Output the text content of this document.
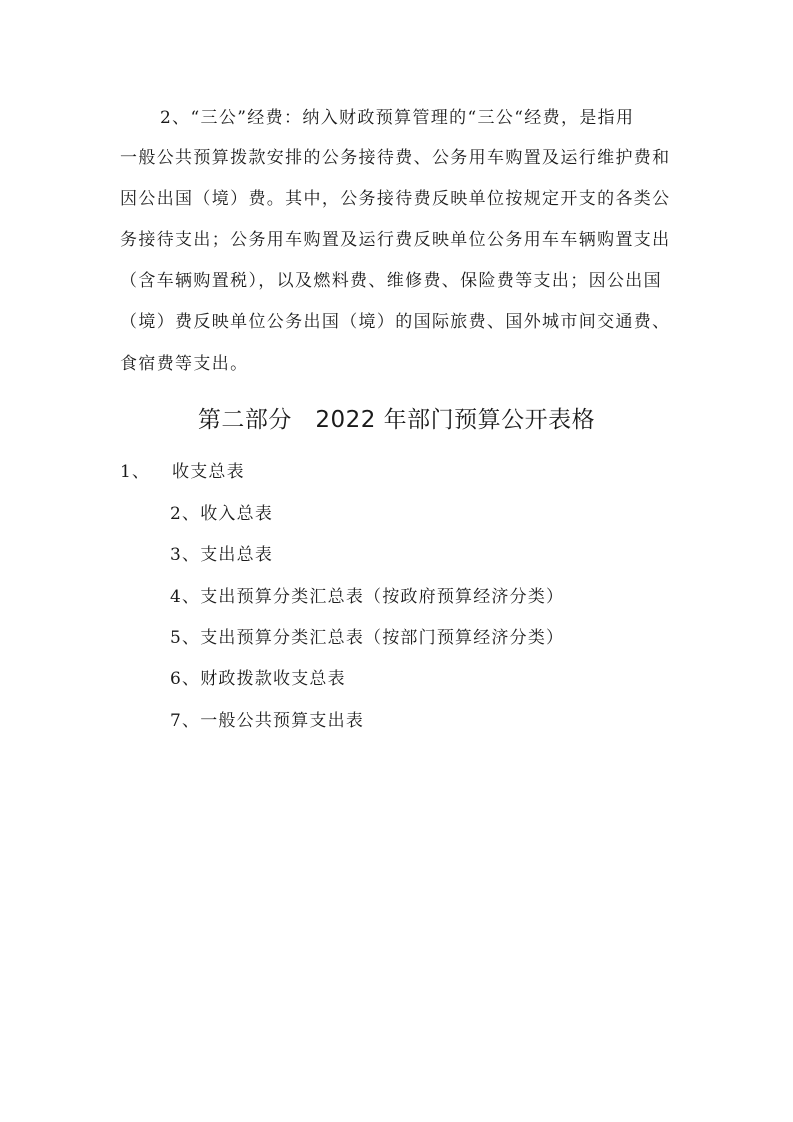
2、“三公”经费：纳入财政预算管理的“三公“经费，是指用
一般公共预算拨款安排的公务接待费、公务用车购置及运行维护费和
因公出国（境）费。其中，公务接待费反映单位按规定开支的各类公
务接待支出；公务用车购置及运行费反映单位公务用车车辆购置支出
（含车辆购置税），以及燃料费、维修费、保险费等支出；因公出国
（境）费反映单位公务出国（境）的国际旅费、国外城市间交通费、
食宿费等支出。
第二部分　2022 年部门预算公开表格
1、 收支总表
2、收入总表
3、支出总表
4、支出预算分类汇总表（按政府预算经济分类）
5、支出预算分类汇总表（按部门预算经济分类）
6、财政拨款收支总表
7、一般公共预算支出表
